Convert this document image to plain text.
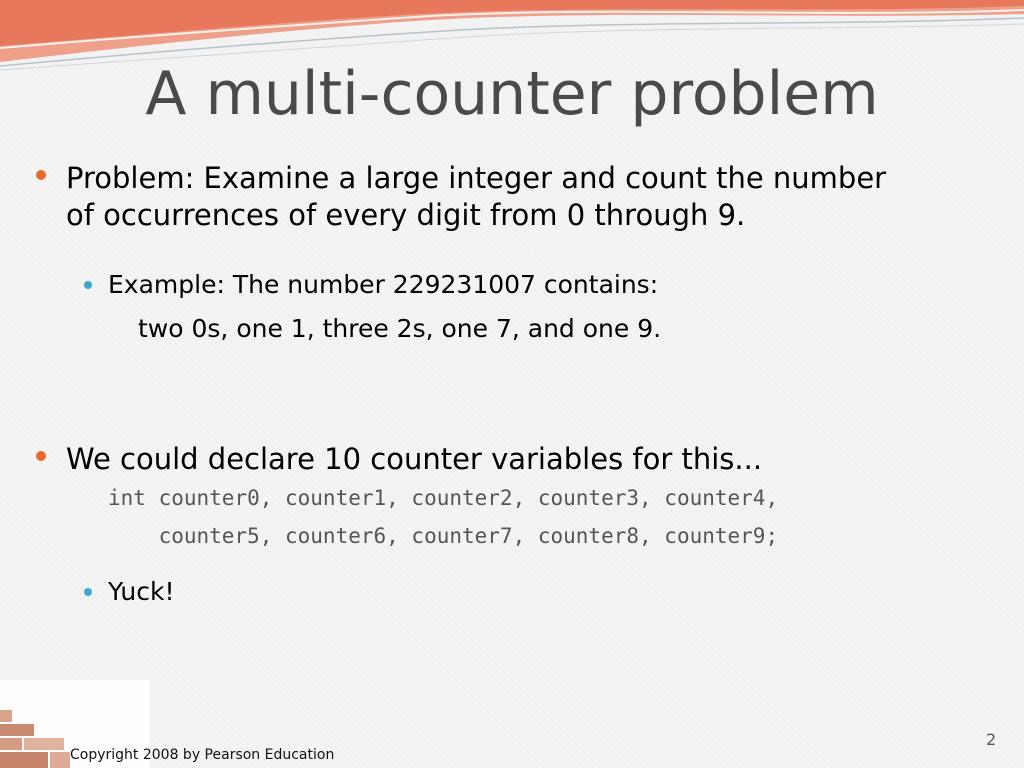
A multi-counter problem
Problem: Examine a large integer and count the number
of occurrences of every digit from 0 through 9.
Example: The number 229231007 contains:
two 0s, one 1, three 2s, one 7, and one 9.
We could declare 10 counter variables for this...
int counter0, counter1, counter2, counter3, counter4,
counter5, counter6, counter7, counter8, counter9;
Yuck!
Copyright 2008 by Pearson Education
2
